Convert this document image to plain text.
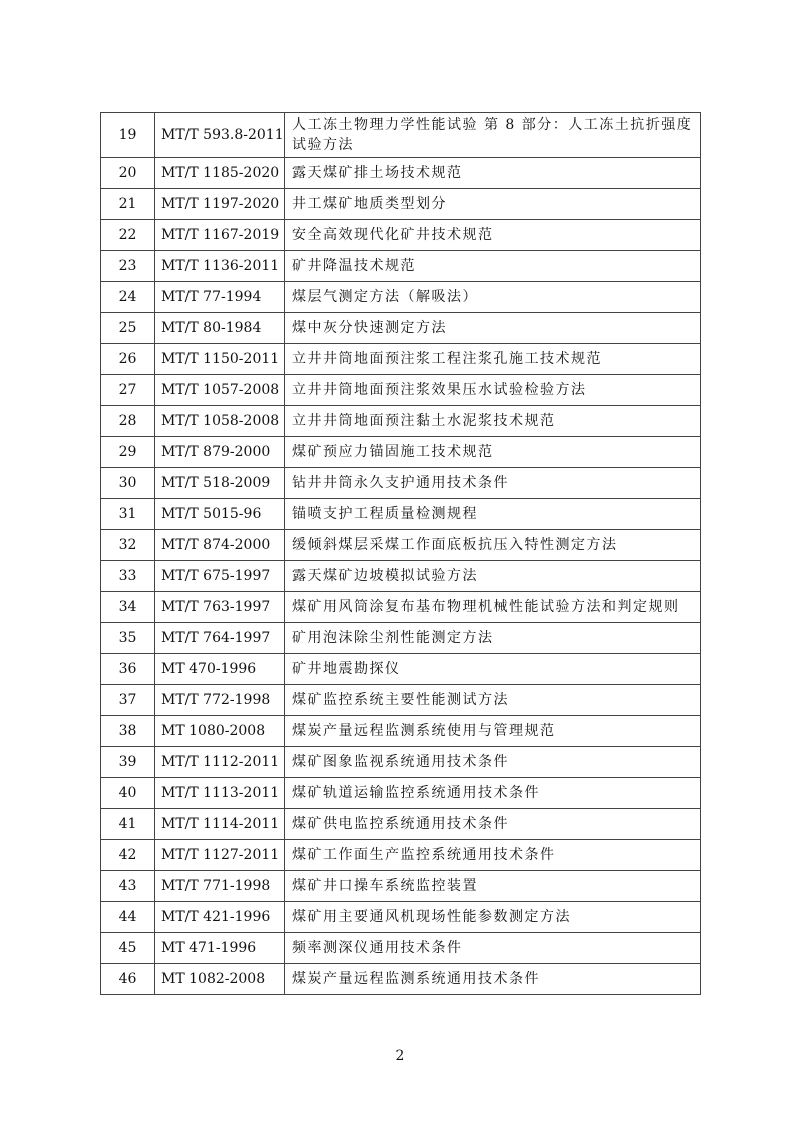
19	MT/T 593.8-2011	人工冻土物理力学性能试验 第 8 部分：人工冻土抗折强度试验方法
20	MT/T 1185-2020	露天煤矿排土场技术规范
21	MT/T 1197-2020	井工煤矿地质类型划分
22	MT/T 1167-2019	安全高效现代化矿井技术规范
23	MT/T 1136-2011	矿井降温技术规范
24	MT/T 77-1994	煤层气测定方法（解吸法）
25	MT/T 80-1984	煤中灰分快速测定方法
26	MT/T 1150-2011	立井井筒地面预注浆工程注浆孔施工技术规范
27	MT/T 1057-2008	立井井筒地面预注浆效果压水试验检验方法
28	MT/T 1058-2008	立井井筒地面预注黏土水泥浆技术规范
29	MT/T 879-2000	煤矿预应力锚固施工技术规范
30	MT/T 518-2009	钻井井筒永久支护通用技术条件
31	MT/T 5015-96	锚喷支护工程质量检测规程
32	MT/T 874-2000	缓倾斜煤层采煤工作面底板抗压入特性测定方法
33	MT/T 675-1997	露天煤矿边坡模拟试验方法
34	MT/T 763-1997	煤矿用风筒涂复布基布物理机械性能试验方法和判定规则
35	MT/T 764-1997	矿用泡沫除尘剂性能测定方法
36	MT 470-1996	矿井地震勘探仪
37	MT/T 772-1998	煤矿监控系统主要性能测试方法
38	MT 1080-2008	煤炭产量远程监测系统使用与管理规范
39	MT/T 1112-2011	煤矿图象监视系统通用技术条件
40	MT/T 1113-2011	煤矿轨道运输监控系统通用技术条件
41	MT/T 1114-2011	煤矿供电监控系统通用技术条件
42	MT/T 1127-2011	煤矿工作面生产监控系统通用技术条件
43	MT/T 771-1998	煤矿井口操车系统监控装置
44	MT/T 421-1996	煤矿用主要通风机现场性能参数测定方法
45	MT 471-1996	频率测深仪通用技术条件
46	MT 1082-2008	煤炭产量远程监测系统通用技术条件
2
